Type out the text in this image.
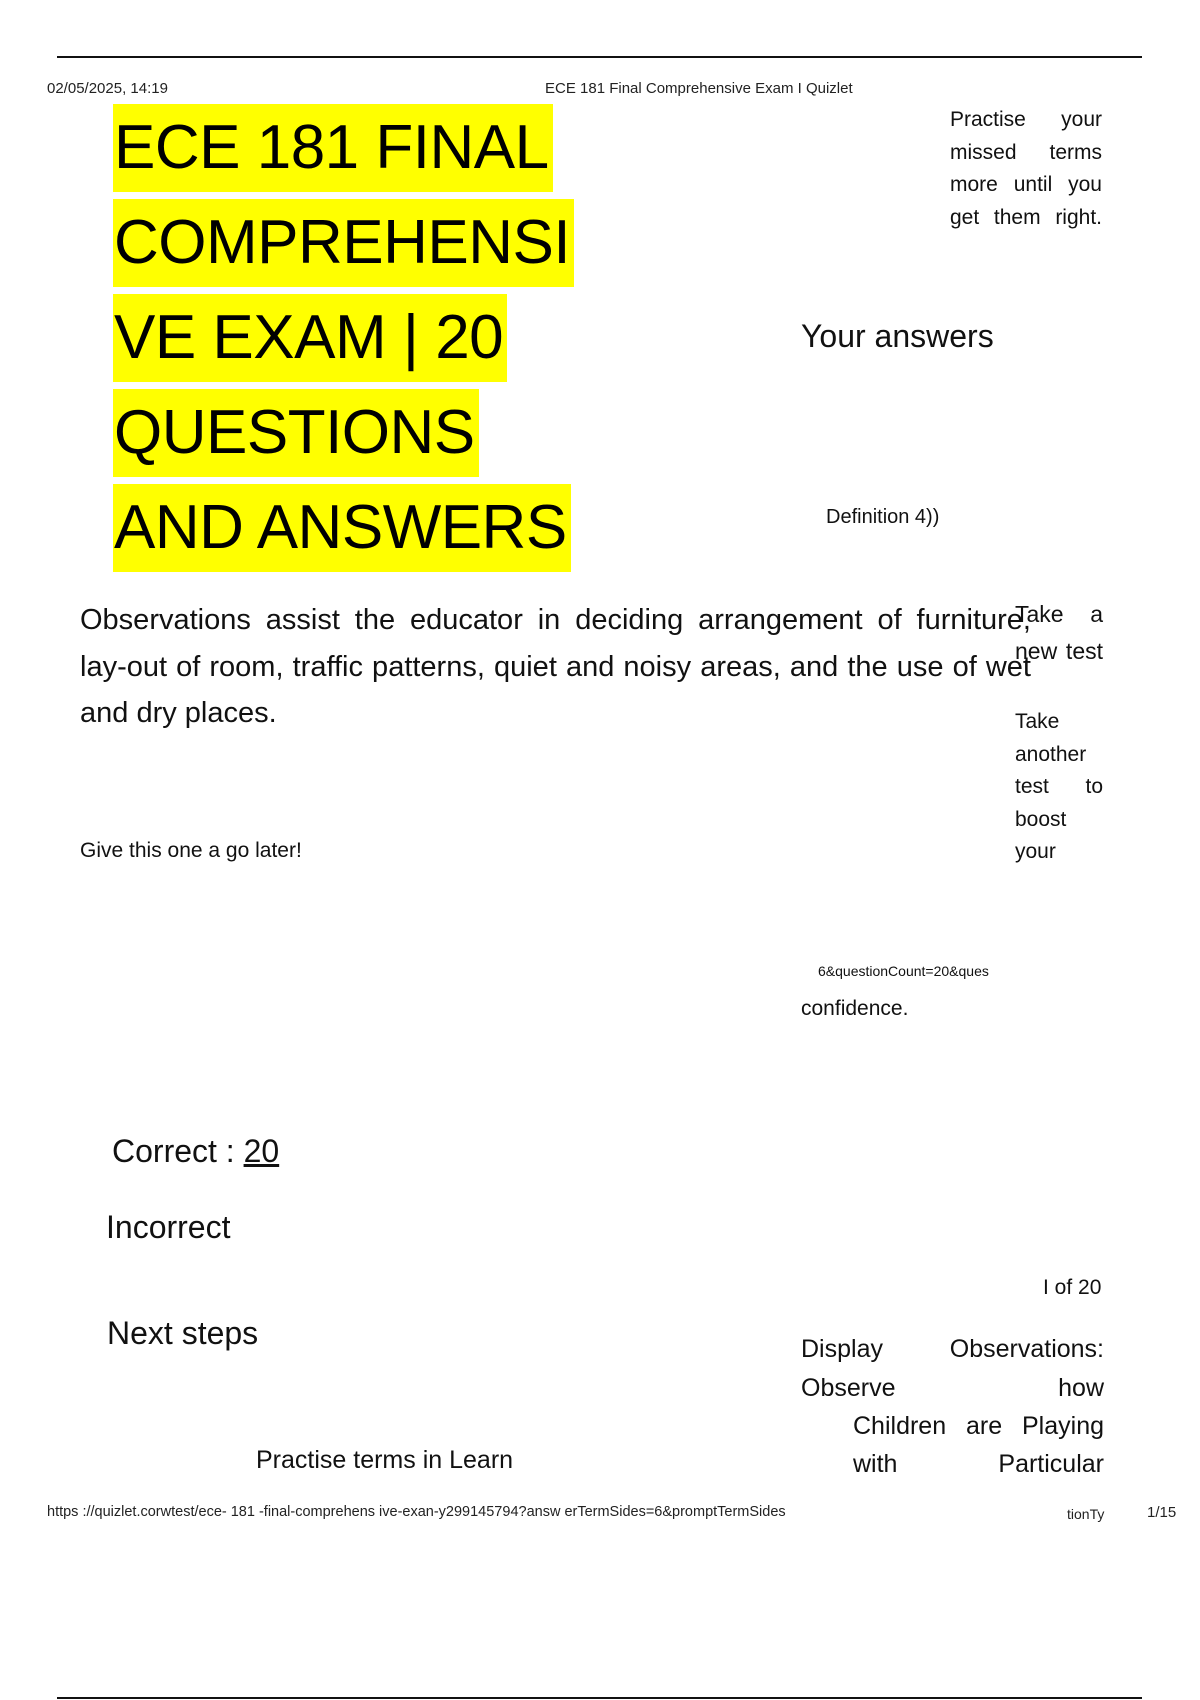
02/05/2025, 14:19	ECE 181 Final Comprehensive Exam I Quizlet
ECE 181 FINAL
COMPREHENSI
VE EXAM | 20
QUESTIONS
AND ANSWERS
Practise your missed terms more until you get them right.
Your answers
Definition 4))
Observations assist the educator in deciding arrangement of furniture, lay-out of room, traffic patterns, quiet and noisy areas, and the use of wet and dry places.
Take a new test
Take another test to boost your
Give this one a go later!
6&questionCount=20&ques
confidence.
Correct : 20
Incorrect
I of 20
Next steps	Display Observations: Observe how
Children are Playing with Particular
Practise terms in Learn
https ://quizlet.corwtest/ece- 181 -final-comprehens ive-exan-y299145794?answ erTermSides=6&promptTermSides	tionTy	1/15
